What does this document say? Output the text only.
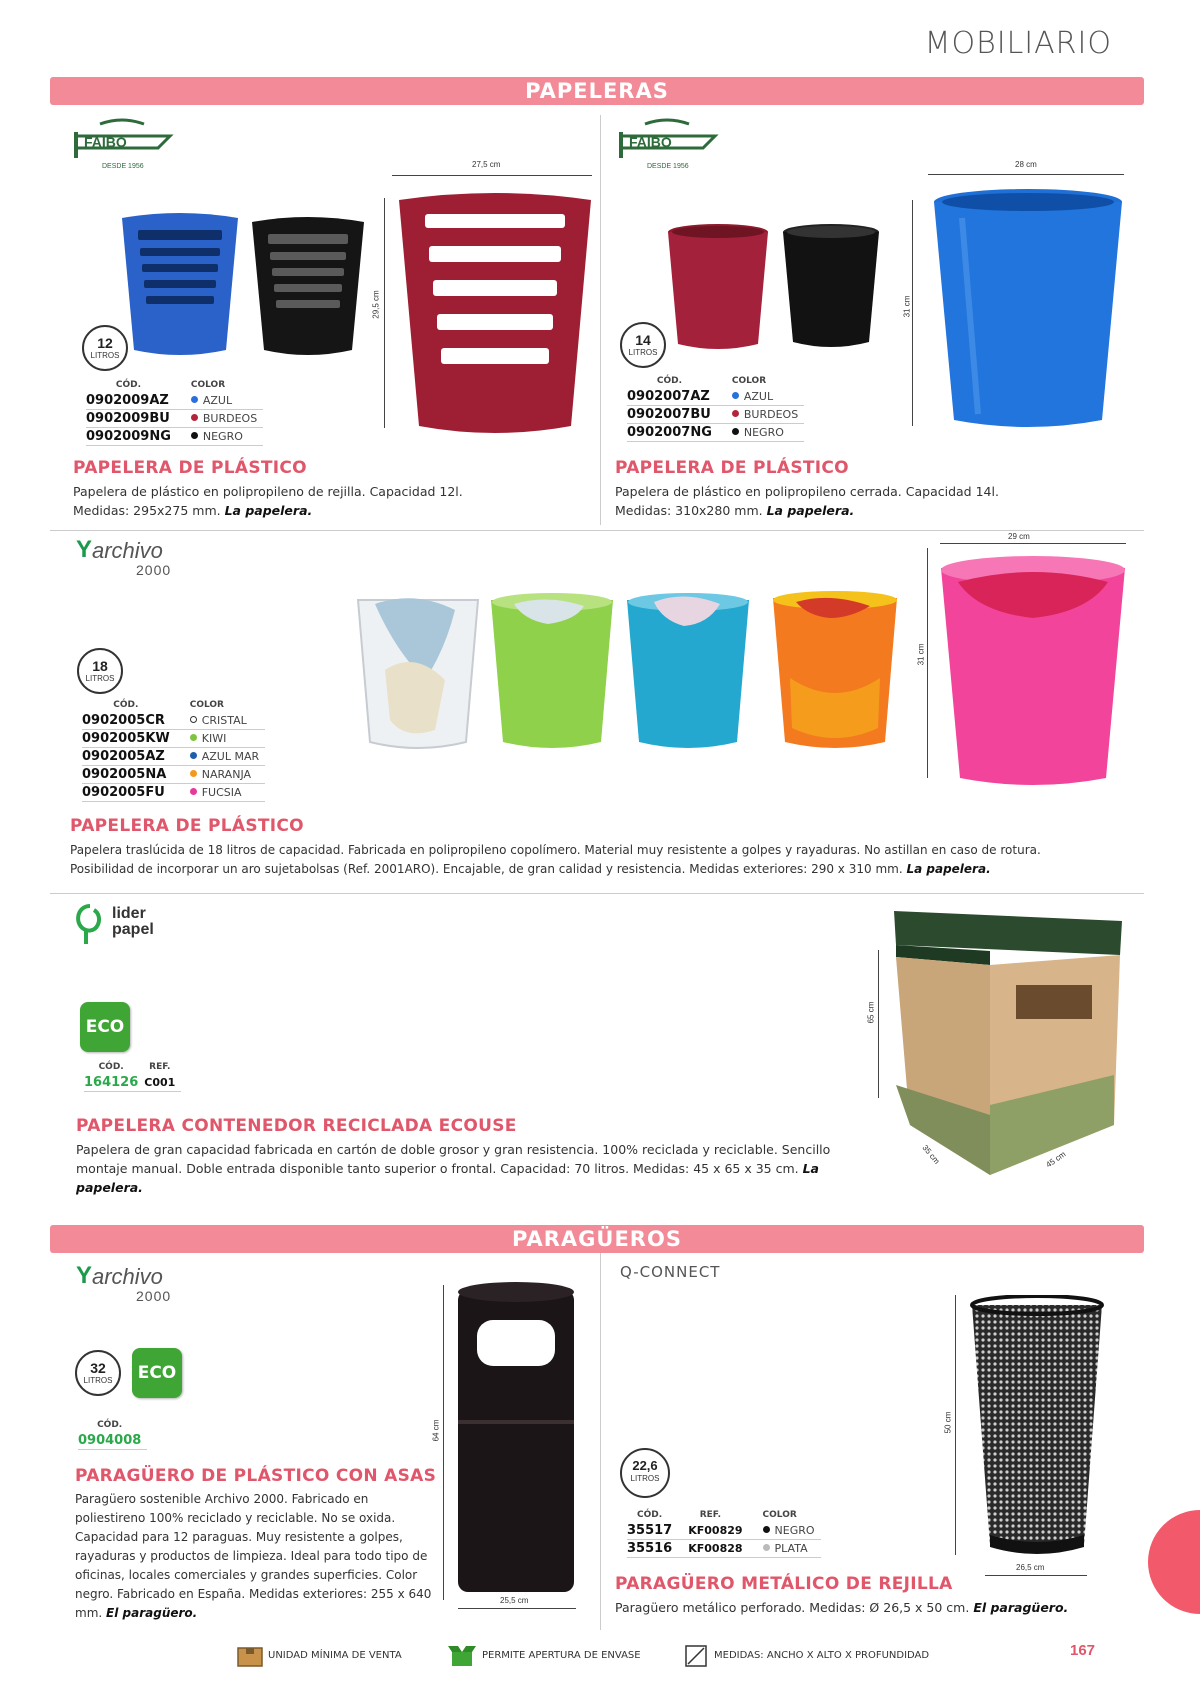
MOBILIARIO
PAPELERAS
FAIBO
DESDE 1956	27,5 cm
29,5 cm
12
LITROS
CÓD.	COLOR
0902009AZ	AZUL
0902009BU	BURDEOS
0902009NG	NEGRO
PAPELERA DE PLÁSTICO
Papelera de plástico en polipropileno de rejilla. Capacidad 12l.
Medidas: 295x275 mm. La papelera.
FAIBO
DESDE 1956	28 cm
31 cm
14
LITROS
CÓD.	COLOR
0902007AZ	AZUL
0902007BU	BURDEOS
0902007NG	NEGRO
PAPELERA DE PLÁSTICO
Papelera de plástico en polipropileno cerrada. Capacidad 14l.
Medidas: 310x280 mm. La papelera.
Y archivo
2000
29 cm
31 cm
18
LITROS
CÓD.	COLOR
0902005CR	CRISTAL
0902005KW	KIWI
0902005AZ	AZUL MAR
0902005NA	NARANJA
0902005FU	FUCSIA
PAPELERA DE PLÁSTICO
Papelera traslúcida de 18 litros de capacidad. Fabricada en polipropileno copolímero. Material muy resistente a golpes y rayaduras. No astillan en caso de rotura.
Posibilidad de incorporar un aro sujetabolsas (Ref. 2001ARO). Encajable, de gran calidad y resistencia. Medidas exteriores: 290 x 310 mm. La papelera.
lider papel
ECO
CÓD.	REF.
164126	C001
PAPELERA CONTENEDOR RECICLADA ECOUSE
Papelera de gran capacidad fabricada en cartón de doble grosor y gran resistencia. 100% reciclada y reciclable. Sencillo montaje manual. Doble entrada disponible tanto superior o frontal. Capacidad: 70 litros. Medidas: 45 x 65 x 35 cm. La papelera.
65 cm
35 cm	45 cm
PARAGÜEROS
Y archivo
2000
32
LITROS	ECO
CÓD.
0904008
PARAGÜERO DE PLÁSTICO CON ASAS
Paragüero sostenible Archivo 2000. Fabricado en poliestireno 100% reciclado y reciclable. No se oxida. Capacidad para 12 paraguas. Muy resistente a golpes, rayaduras y productos de limpieza. Ideal para todo tipo de oficinas, locales comerciales y grandes superficies. Color negro. Fabricado en España. Medidas exteriores: 255 x 640 mm. El paragüero.
64 cm
25,5 cm
Q-CONNECT
22,6
LITROS
CÓD.	REF.	COLOR
35517	KF00829	NEGRO
35516	KF00828	PLATA
PARAGÜERO METÁLICO DE REJILLA
Paragüero metálico perforado. Medidas: Ø 26,5 x 50 cm. El paragüero.
50 cm
26,5 cm
UNIDAD MÍNIMA DE VENTA	PERMITE APERTURA DE ENVASE	MEDIDAS: ANCHO X ALTO X PROFUNDIDAD	167
